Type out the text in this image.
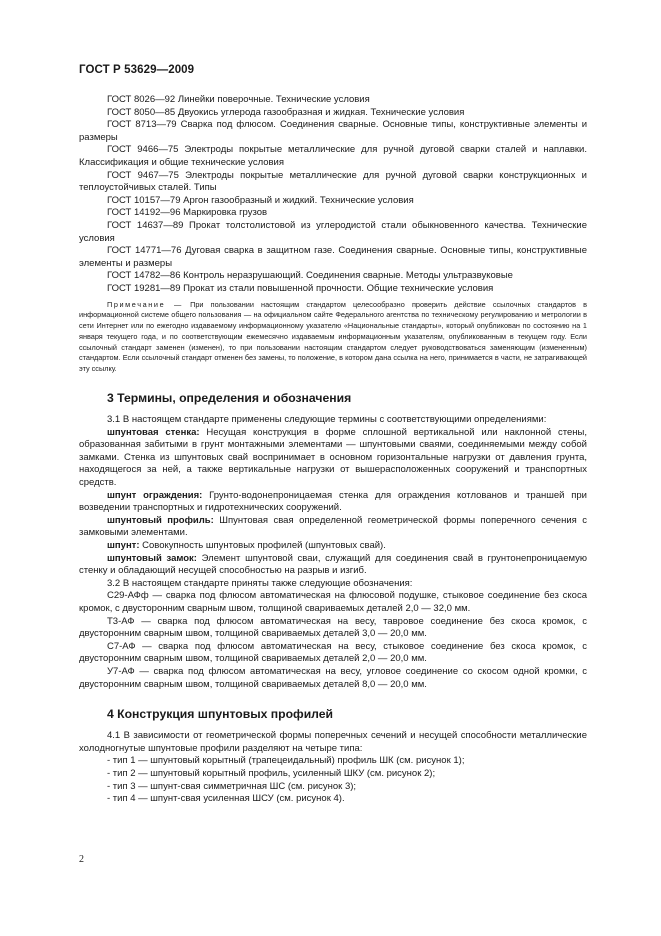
ГОСТ Р 53629—2009

ГОСТ 8026—92 Линейки поверочные. Технические условия

ГОСТ 8050—85 Двуокись углерода газообразная и жидкая. Технические условия

ГОСТ 8713—79 Сварка под флюсом. Соединения сварные. Основные типы, конструктивные элементы и размеры

ГОСТ 9466—75 Электроды покрытые металлические для ручной дуговой сварки сталей и наплавки. Классификация и общие технические условия

ГОСТ 9467—75 Электроды покрытые металлические для ручной дуговой сварки конструкционных и теплоустойчивых сталей. Типы

ГОСТ 10157—79 Аргон газообразный и жидкий. Технические условия

ГОСТ 14192—96 Маркировка грузов

ГОСТ 14637—89 Прокат толстолистовой из углеродистой стали обыкновенного качества. Технические условия

ГОСТ 14771—76 Дуговая сварка в защитном газе. Соединения сварные. Основные типы, конструктивные элементы и размеры

ГОСТ 14782—86 Контроль неразрушающий. Соединения сварные. Методы ультразвуковые

ГОСТ 19281—89 Прокат из стали повышенной прочности. Общие технические условия

Примечание — При пользовании настоящим стандартом целесообразно проверить действие ссылочных стандартов в информационной системе общего пользования — на официальном сайте Федерального агентства по техническому регулированию и метрологии в сети Интернет или по ежегодно издаваемому информационному указателю «Национальные стандарты», который опубликован по состоянию на 1 января текущего года, и по соответствующим ежемесячно издаваемым информационным указателям, опубликованным в текущем году. Если ссылочный стандарт заменен (изменен), то при пользовании настоящим стандартом следует руководствоваться заменяющим (измененным) стандартом. Если ссылочный стандарт отменен без замены, то положение, в котором дана ссылка на него, принимается в части, не затрагивающей эту ссылку.

3 Термины, определения и обозначения

3.1 В настоящем стандарте применены следующие термины с соответствующими определениями:

шпунтовая стенка: Несущая конструкция в форме сплошной вертикальной или наклонной стены, образованная забитыми в грунт монтажными элементами — шпунтовыми сваями, соединяемыми между собой замками. Стенка из шпунтовых свай воспринимает в основном горизонтальные нагрузки от давления грунта, находящегося за ней, а также вертикальные нагрузки от вышерасположенных сооружений и транспортных средств.

шпунт ограждения: Грунто-водонепроницаемая стенка для ограждения котлованов и траншей при возведении транспортных и гидротехнических сооружений.

шпунтовый профиль: Шпунтовая свая определенной геометрической формы поперечного сечения с замковыми элементами.

шпунт: Совокупность шпунтовых профилей (шпунтовых свай).

шпунтовый замок: Элемент шпунтовой сваи, служащий для соединения свай в грунтонепроницаемую стенку и обладающий несущей способностью на разрыв и изгиб.

3.2 В настоящем стандарте приняты также следующие обозначения:

С29-АФф — сварка под флюсом автоматическая на флюсовой подушке, стыковое соединение без скоса кромок, с двусторонним сварным швом, толщиной свариваемых деталей 2,0 — 32,0 мм.

Т3-АФ — сварка под флюсом автоматическая на весу, тавровое соединение без скоса кромок, с двусторонним сварным швом, толщиной свариваемых деталей 3,0 — 20,0 мм.

С7-АФ — сварка под флюсом автоматическая на весу, стыковое соединение без скоса кромок, с двусторонним сварным швом, толщиной свариваемых деталей 2,0 — 20,0 мм.

У7-АФ — сварка под флюсом автоматическая на весу, угловое соединение со скосом одной кромки, с двусторонним сварным швом, толщиной свариваемых деталей 8,0 — 20,0 мм.

4 Конструкция шпунтовых профилей

4.1 В зависимости от геометрической формы поперечных сечений и несущей способности металлические холодногнутые шпунтовые профили разделяют на четыре типа:

- тип 1 — шпунтовый корытный (трапецеидальный) профиль ШК (см. рисунок 1);

- тип 2 — шпунтовый корытный профиль, усиленный ШКУ (см. рисунок 2);

- тип 3 — шпунт-свая симметричная ШС (см. рисунок 3);

- тип 4 — шпунт-свая усиленная ШСУ (см. рисунок 4).

2
